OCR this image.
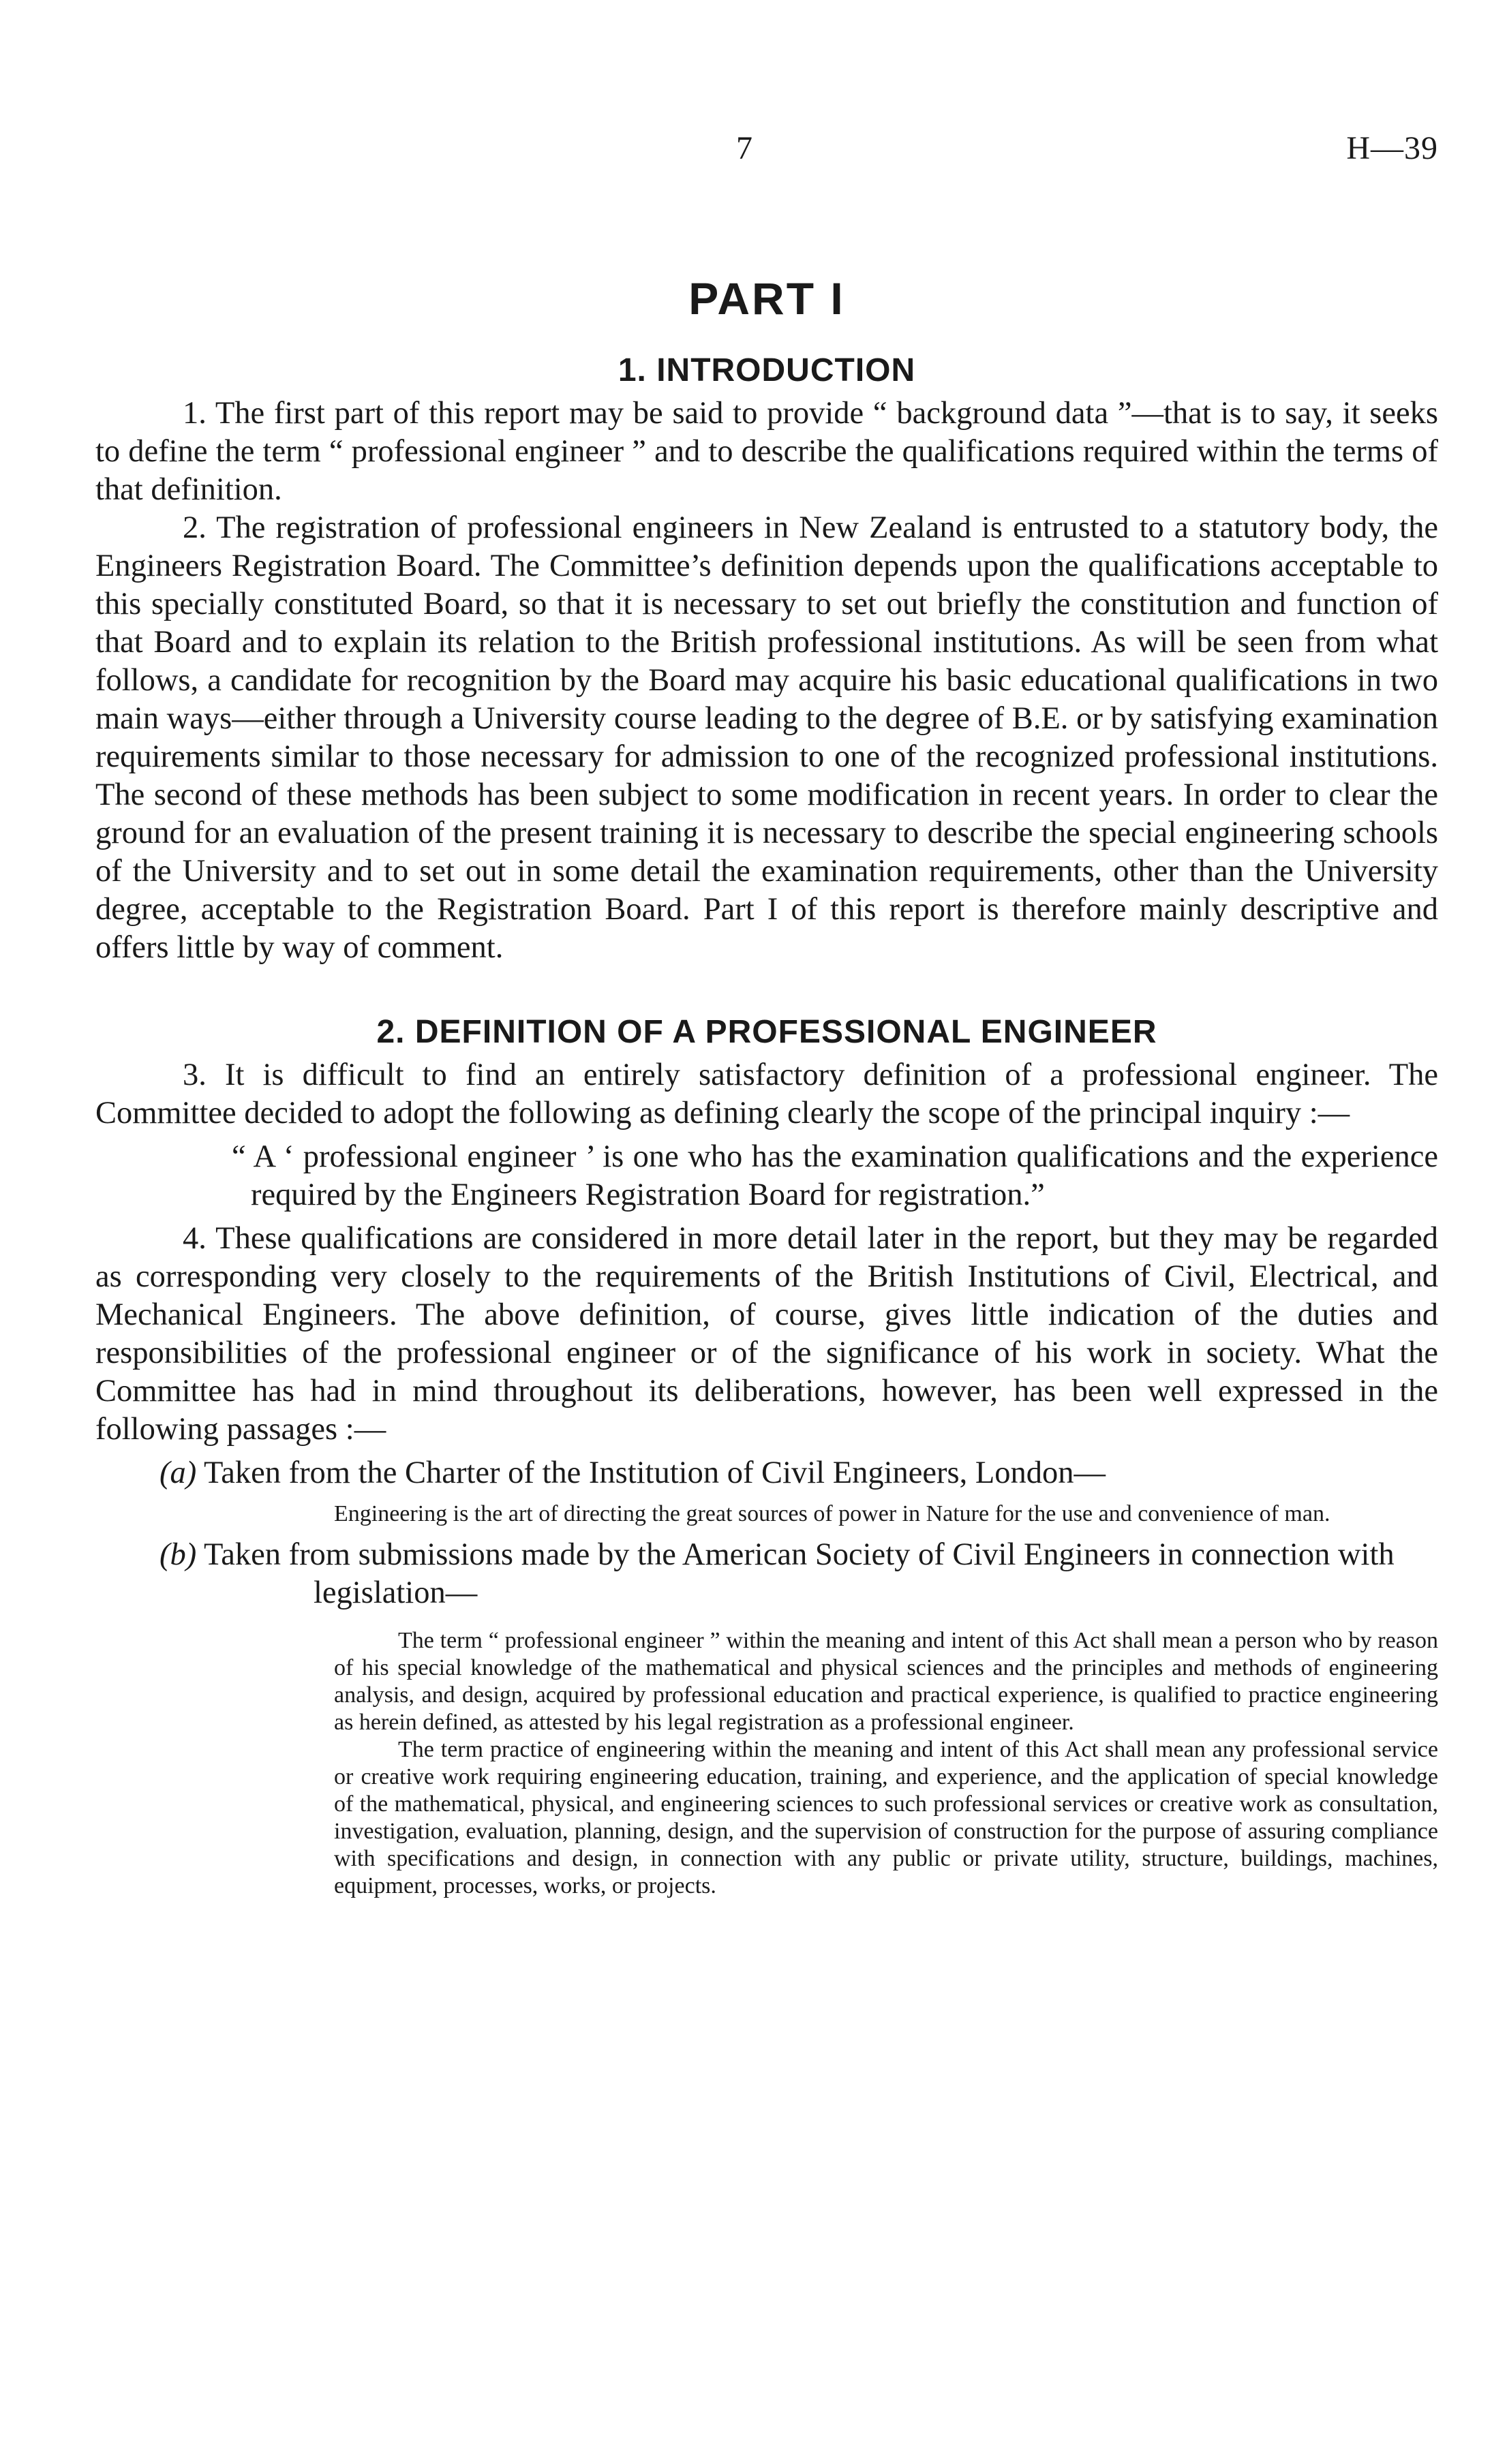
7	H—39
PART I
1. INTRODUCTION

1. The first part of this report may be said to provide “ background data ”—that is to say, it seeks to define the term “ professional engineer ” and to describe the qualifications required within the terms of that definition.

2. The registration of professional engineers in New Zealand is entrusted to a statutory body, the Engineers Registration Board. The Committee’s definition depends upon the qualifications acceptable to this specially constituted Board, so that it is necessary to set out briefly the constitution and function of that Board and to explain its relation to the British professional institutions. As will be seen from what follows, a candidate for recognition by the Board may acquire his basic educational qualifications in two main ways—either through a University course leading to the degree of B.E. or by satisfying examination requirements similar to those necessary for admission to one of the recognized professional institutions. The second of these methods has been subject to some modification in recent years. In order to clear the ground for an evaluation of the present training it is necessary to describe the special engineering schools of the University and to set out in some detail the examination requirements, other than the University degree, acceptable to the Registration Board. Part I of this report is therefore mainly descriptive and offers little by way of comment.

2. DEFINITION OF A PROFESSIONAL ENGINEER

3. It is difficult to find an entirely satisfactory definition of a professional engineer. The Committee decided to adopt the following as defining clearly the scope of the principal inquiry :—

“ A ‘ professional engineer ’ is one who has the examination qualifications and the experience required by the Engineers Registration Board for registration.”

4. These qualifications are considered in more detail later in the report, but they may be regarded as corresponding very closely to the requirements of the British Institutions of Civil, Electrical, and Mechanical Engineers. The above definition, of course, gives little indication of the duties and responsibilities of the professional engineer or of the significance of his work in society. What the Committee has had in mind throughout its deliberations, however, has been well expressed in the following passages :—

(a) Taken from the Charter of the Institution of Civil Engineers, London—

Engineering is the art of directing the great sources of power in Nature for the use and convenience of man.

(b) Taken from submissions made by the American Society of Civil Engineers in connection with legislation—

The term “ professional engineer ” within the meaning and intent of this Act shall mean a person who by reason of his special knowledge of the mathematical and physical sciences and the principles and methods of engineering analysis, and design, acquired by professional education and practical experience, is qualified to practice engineering as herein defined, as attested by his legal registration as a professional engineer.

The term practice of engineering within the meaning and intent of this Act shall mean any professional service or creative work requiring engineering education, training, and experience, and the application of special knowledge of the mathematical, physical, and engineering sciences to such professional services or creative work as consultation, investigation, evaluation, planning, design, and the supervision of construction for the purpose of assuring compliance with specifications and design, in connection with any public or private utility, structure, buildings, machines, equipment, processes, works, or projects.
